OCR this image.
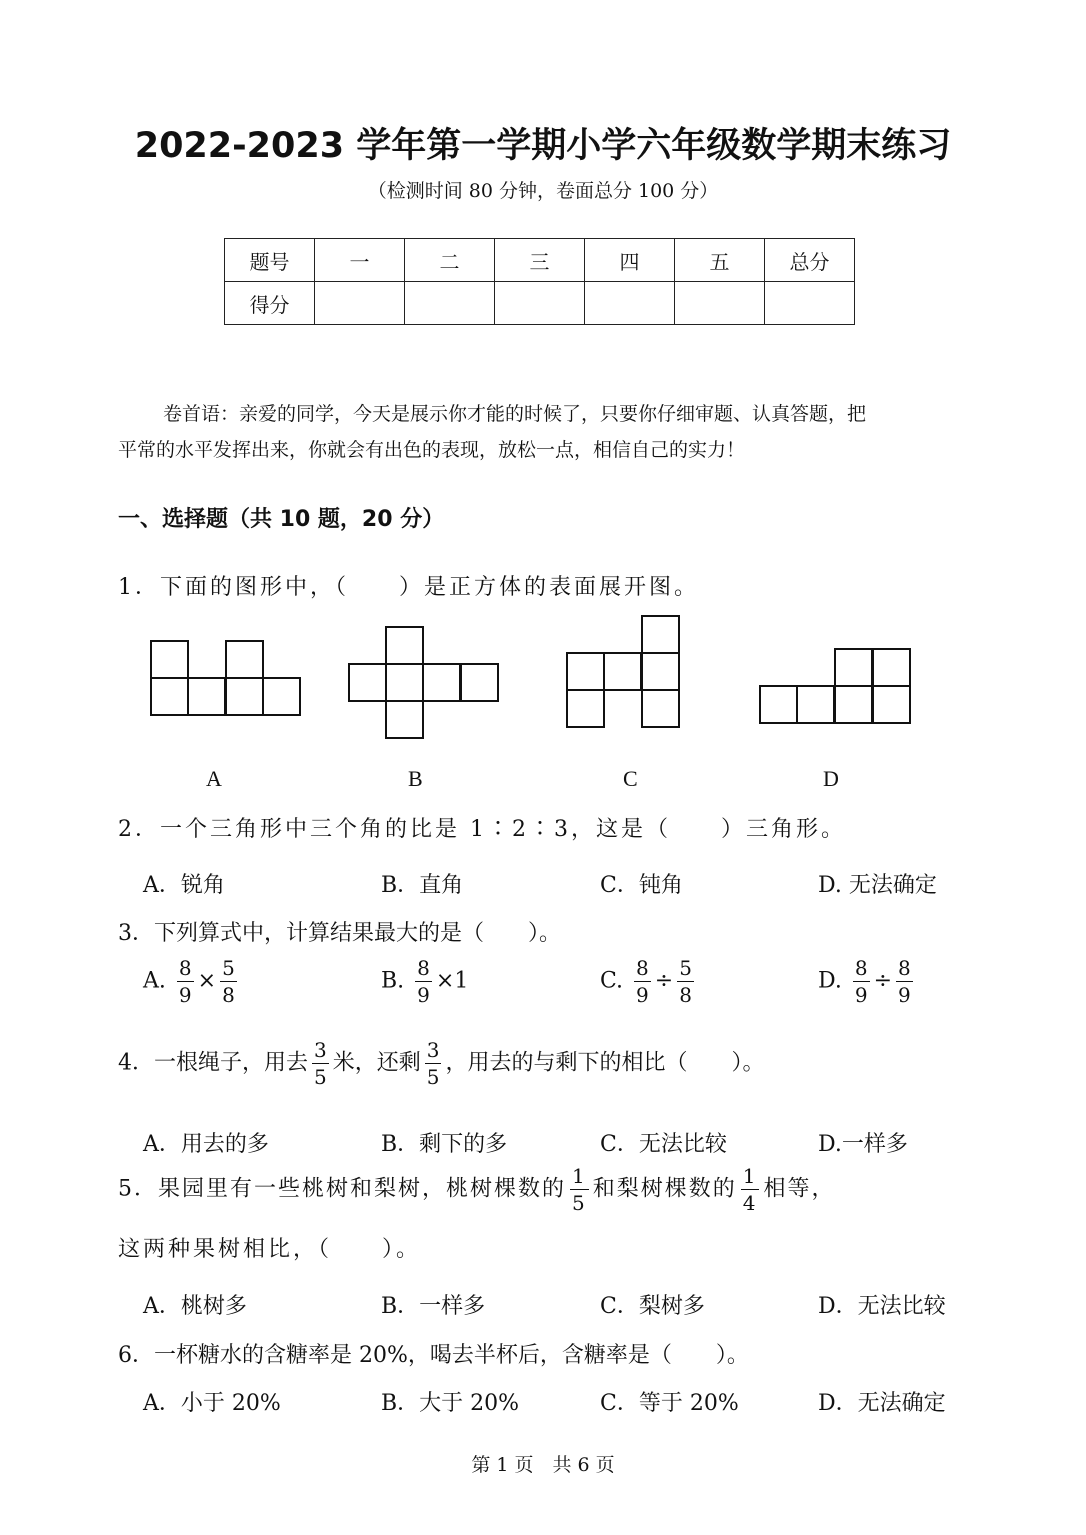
2022-2023 学年第一学期小学六年级数学期末练习
（检测时间 80 分钟，卷面总分 100 分）
题号	一	二	三	四	五	总分
得分						
卷首语：亲爱的同学，今天是展示你才能的时候了，只要你仔细审题、认真答题，把
平常的水平发挥出来，你就会有出色的表现，放松一点，相信自己的实力！
一、选择题（共 10 题，20 分）
1．下面的图形中，（　　）是正方体的表面展开图。
A	B	C	D
2．一个三角形中三个角的比是 1∶2∶3，这是（　　）三角形。
A．锐角	B．直角	C．钝角	D. 无法确定
3．下列算式中，计算结果最大的是（　　）。
A. $\frac{8}{9} \times \frac{5}{8}$	B. $\frac{8}{9} \times 1$	C. $\frac{8}{9} \div \frac{5}{8}$	D. $\frac{8}{9} \div \frac{8}{9}$
4．一根绳子，用去 $\frac{3}{5}$ 米，还剩 $\frac{3}{5}$ ，用去的与剩下的相比（　　）。
A．用去的多	B．剩下的多	C．无法比较	D.一样多
5．果园里有一些桃树和梨树，桃树棵数的 $\frac{1}{5}$ 和梨树棵数的 $\frac{1}{4}$ 相等，
这两种果树相比，（　　）。
A．桃树多	B．一样多	C．梨树多	D．无法比较
6．一杯糖水的含糖率是 20%，喝去半杯后，含糖率是（　　）。
A．小于 20%	B．大于 20%	C．等于 20%	D．无法确定
第 1 页　共 6 页
